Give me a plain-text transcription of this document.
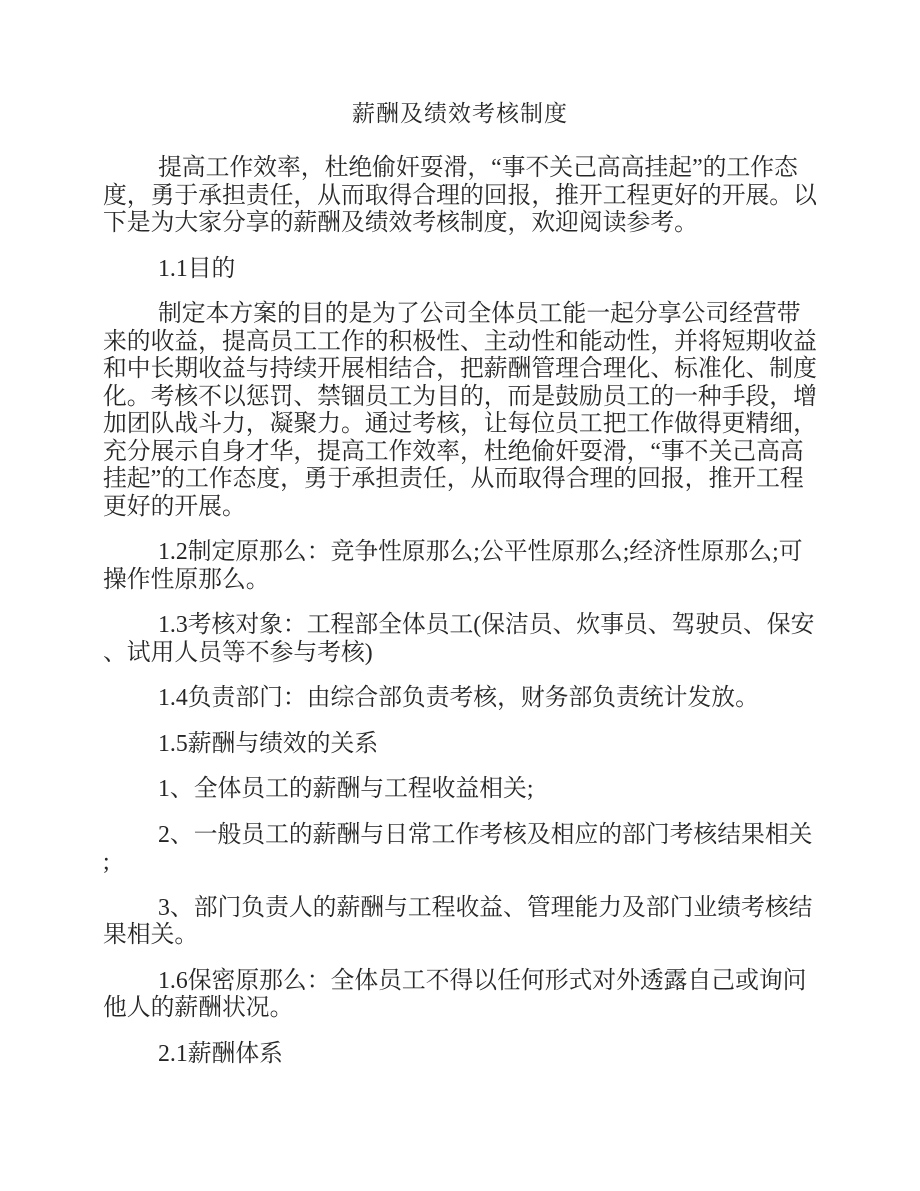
薪酬及绩效考核制度

提高工作效率，杜绝偷奸耍滑，“事不关己高高挂起”的工作态度，勇于承担责任，从而取得合理的回报，推开工程更好的开展。以下是为大家分享的薪酬及绩效考核制度，欢迎阅读参考。

1.1目的

制定本方案的目的是为了公司全体员工能一起分享公司经营带来的收益，提高员工工作的积极性、主动性和能动性，并将短期收益和中长期收益与持续开展相结合，把薪酬管理合理化、标准化、制度化。考核不以惩罚、禁锢员工为目的，而是鼓励员工的一种手段，增加团队战斗力，凝聚力。通过考核，让每位员工把工作做得更精细，充分展示自身才华，提高工作效率，杜绝偷奸耍滑，“事不关己高高挂起”的工作态度，勇于承担责任，从而取得合理的回报，推开工程更好的开展。

1.2制定原那么：竞争性原那么;公平性原那么;经济性原那么;可操作性原那么。

1.3考核对象：工程部全体员工(保洁员、炊事员、驾驶员、保安、试用人员等不参与考核)

1.4负责部门：由综合部负责考核，财务部负责统计发放。

1.5薪酬与绩效的关系

1、全体员工的薪酬与工程收益相关;

2、一般员工的薪酬与日常工作考核及相应的部门考核结果相关;

3、部门负责人的薪酬与工程收益、管理能力及部门业绩考核结果相关。

1.6保密原那么：全体员工不得以任何形式对外透露自己或询问他人的薪酬状况。

2.1薪酬体系
